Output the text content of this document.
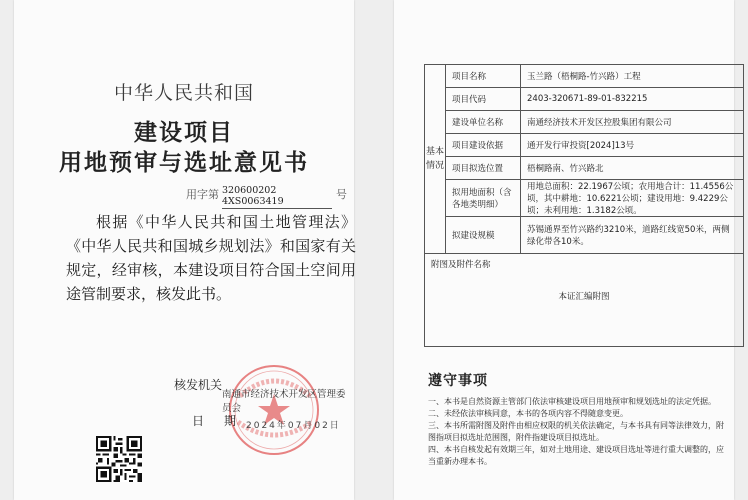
中华人民共和国
建设项目
用地预审与选址意见书
用字第 320600202 4XS0063419
号

根据《中华人民共和国土地管理法》《中华人民共和国城乡规划法》和国家有关规定，经审核，本建设项目符合国土空间用途管制要求，核发此书。

核发机关
南通市经济技术开发区管理委员会
日期
2024年07月02日
基本情况	项目名称	玉兰路（梧桐路-竹兴路）工程
	项目代码	2403-320671-89-01-832215
	建设单位名称	南通经济技术开发区控股集团有限公司
	项目建设依据	通开发行审投资[2024]13号
	项目拟选位置	梧桐路南、竹兴路北
	拟用地面积（含各地类明细）	用地总面积：22.1967公顷；农用地合计：11.4556公顷，其中耕地：10.6221公顷；建设用地：9.4229公顷；未利用地：1.3182公顷。
	拟建设规模	苏锡通界至竹兴路约3210米，道路红线宽50米，两侧绿化带各10米。
附图及附件名称
本证汇编附图		
遵守事项
一、本书是自然资源主管部门依法审核建设项目用地预审和规划选址的法定凭据。
二、未经依法审核同意，本书的各项内容不得随意变更。
三、本书所需附图及附件由相应权限的机关依法确定，与本书具有同等法律效力，附图指项目拟选址范围图，附件指建设项目拟选址。
四、本书自核发起有效期三年，如对土地用途、建设项目选址等进行重大调整的，应当重新办理本书。
